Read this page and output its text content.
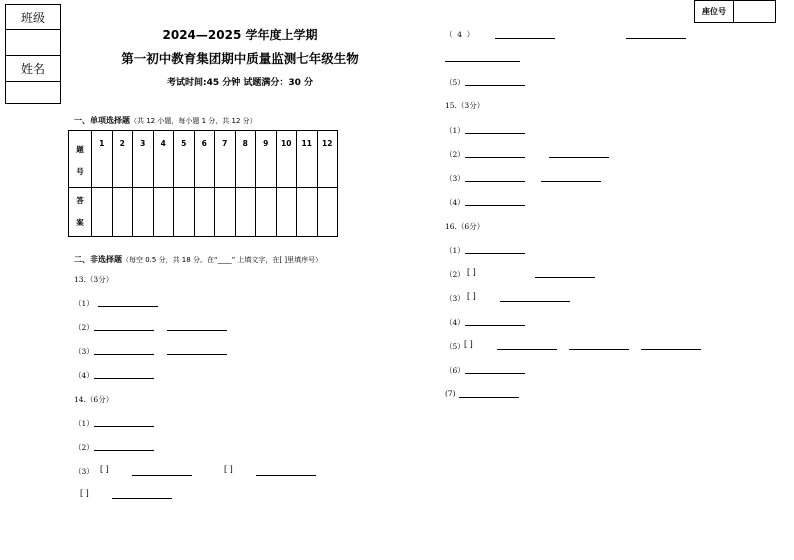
班级
姓名
座位号
2024—2025 学年度上学期
第一初中教育集团期中质量监测七年级生物
考试时间:45 分钟 试题满分：30 分
一、单项选择题（共 12 小题，每小题 1 分，共 12 分）
题号	1	2	3	4	5	6	7	8	9	10	11	12

答案												

二、非选择题（每空 0.5 分，共 18 分。在“____” 上填文字，在[ ]里填序号）
13.（3分）
（1）
（2）
（3）
（4）
14.（6分）
（1）
（2）
（3） [ ]	[ ]
[ ]
（  4  ）
（5）
15.（3分）
（1）
（2）
（3）
（4）
16.（6分）
（1）
（2） [ ]
（3） [ ]
（4）
（5） [ ]
（6）
(7)
